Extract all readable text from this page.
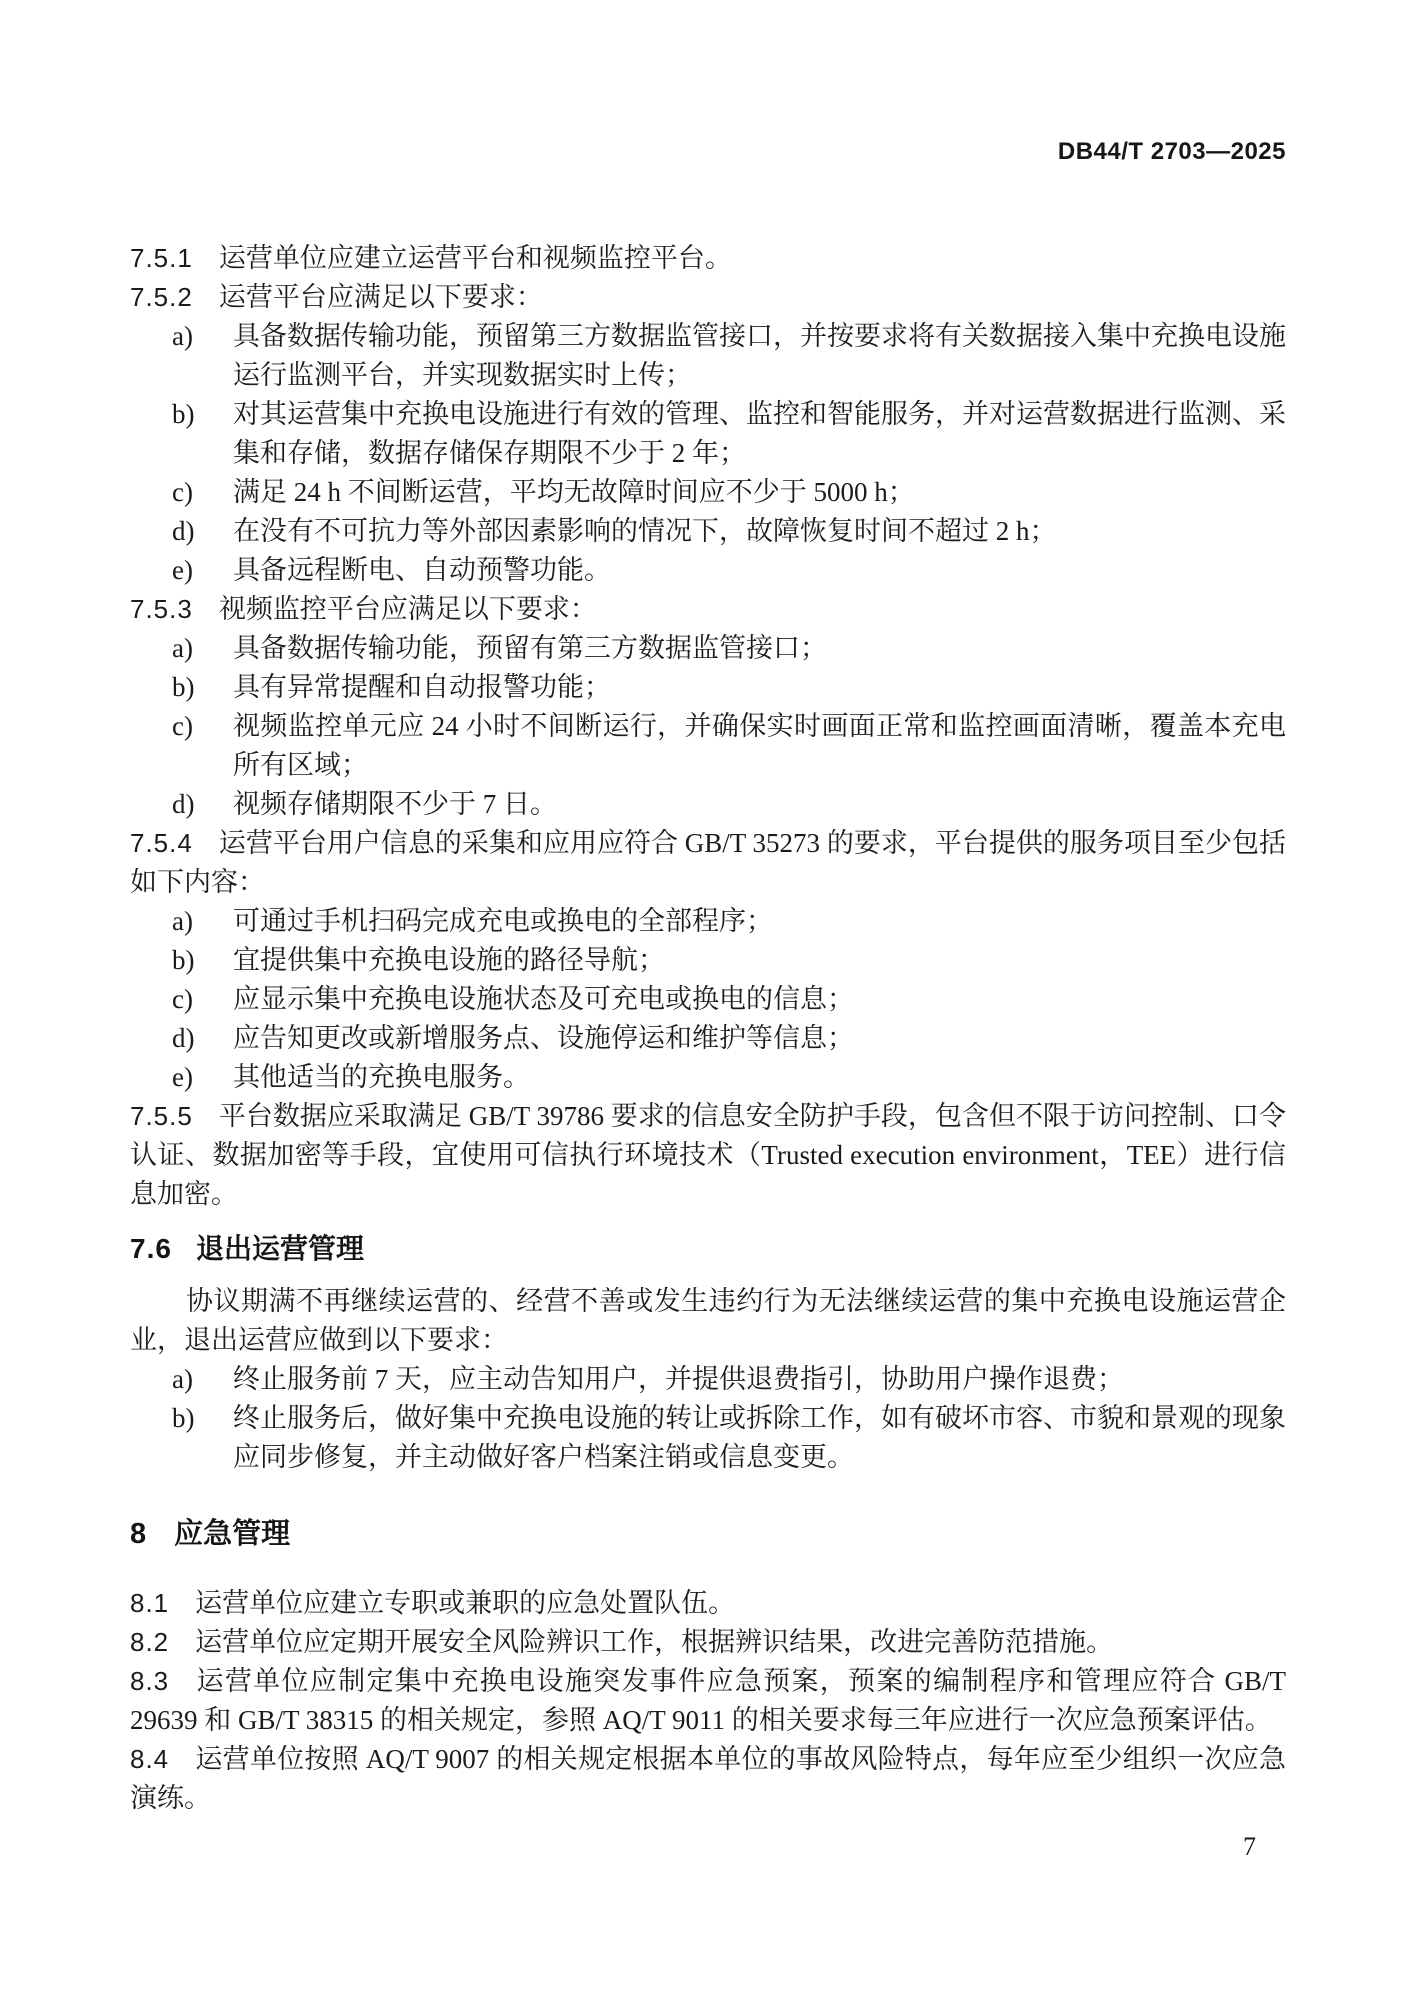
DB44/T 2703—2025
7.5.1 运营单位应建立运营平台和视频监控平台。
7.5.2 运营平台应满足以下要求：
a) 具备数据传输功能，预留第三方数据监管接口，并按要求将有关数据接入集中充换电设施运行监测平台，并实现数据实时上传；
b) 对其运营集中充换电设施进行有效的管理、监控和智能服务，并对运营数据进行监测、采集和存储，数据存储保存期限不少于 2 年；
c) 满足 24 h 不间断运营，平均无故障时间应不少于 5000 h；
d) 在没有不可抗力等外部因素影响的情况下，故障恢复时间不超过 2 h；
e) 具备远程断电、自动预警功能。
7.5.3 视频监控平台应满足以下要求：
a) 具备数据传输功能，预留有第三方数据监管接口；
b) 具有异常提醒和自动报警功能；
c) 视频监控单元应 24 小时不间断运行，并确保实时画面正常和监控画面清晰，覆盖本充电所有区域；
d) 视频存储期限不少于 7 日。
7.5.4 运营平台用户信息的采集和应用应符合 GB/T 35273 的要求，平台提供的服务项目至少包括如下内容：
a) 可通过手机扫码完成充电或换电的全部程序；
b) 宜提供集中充换电设施的路径导航；
c) 应显示集中充换电设施状态及可充电或换电的信息；
d) 应告知更改或新增服务点、设施停运和维护等信息；
e) 其他适当的充换电服务。
7.5.5 平台数据应采取满足 GB/T 39786 要求的信息安全防护手段，包含但不限于访问控制、口令认证、数据加密等手段，宜使用可信执行环境技术（Trusted execution environment，TEE）进行信息加密。
7.6 退出运营管理
协议期满不再继续运营的、经营不善或发生违约行为无法继续运营的集中充换电设施运营企业，退出运营应做到以下要求：
a) 终止服务前 7 天，应主动告知用户，并提供退费指引，协助用户操作退费；
b) 终止服务后，做好集中充换电设施的转让或拆除工作，如有破坏市容、市貌和景观的现象应同步修复，并主动做好客户档案注销或信息变更。
8 应急管理
8.1 运营单位应建立专职或兼职的应急处置队伍。
8.2 运营单位应定期开展安全风险辨识工作，根据辨识结果，改进完善防范措施。
8.3 运营单位应制定集中充换电设施突发事件应急预案，预案的编制程序和管理应符合 GB/T 29639 和 GB/T 38315 的相关规定，参照 AQ/T 9011 的相关要求每三年应进行一次应急预案评估。
8.4 运营单位按照 AQ/T 9007 的相关规定根据本单位的事故风险特点，每年应至少组织一次应急演练。
7
